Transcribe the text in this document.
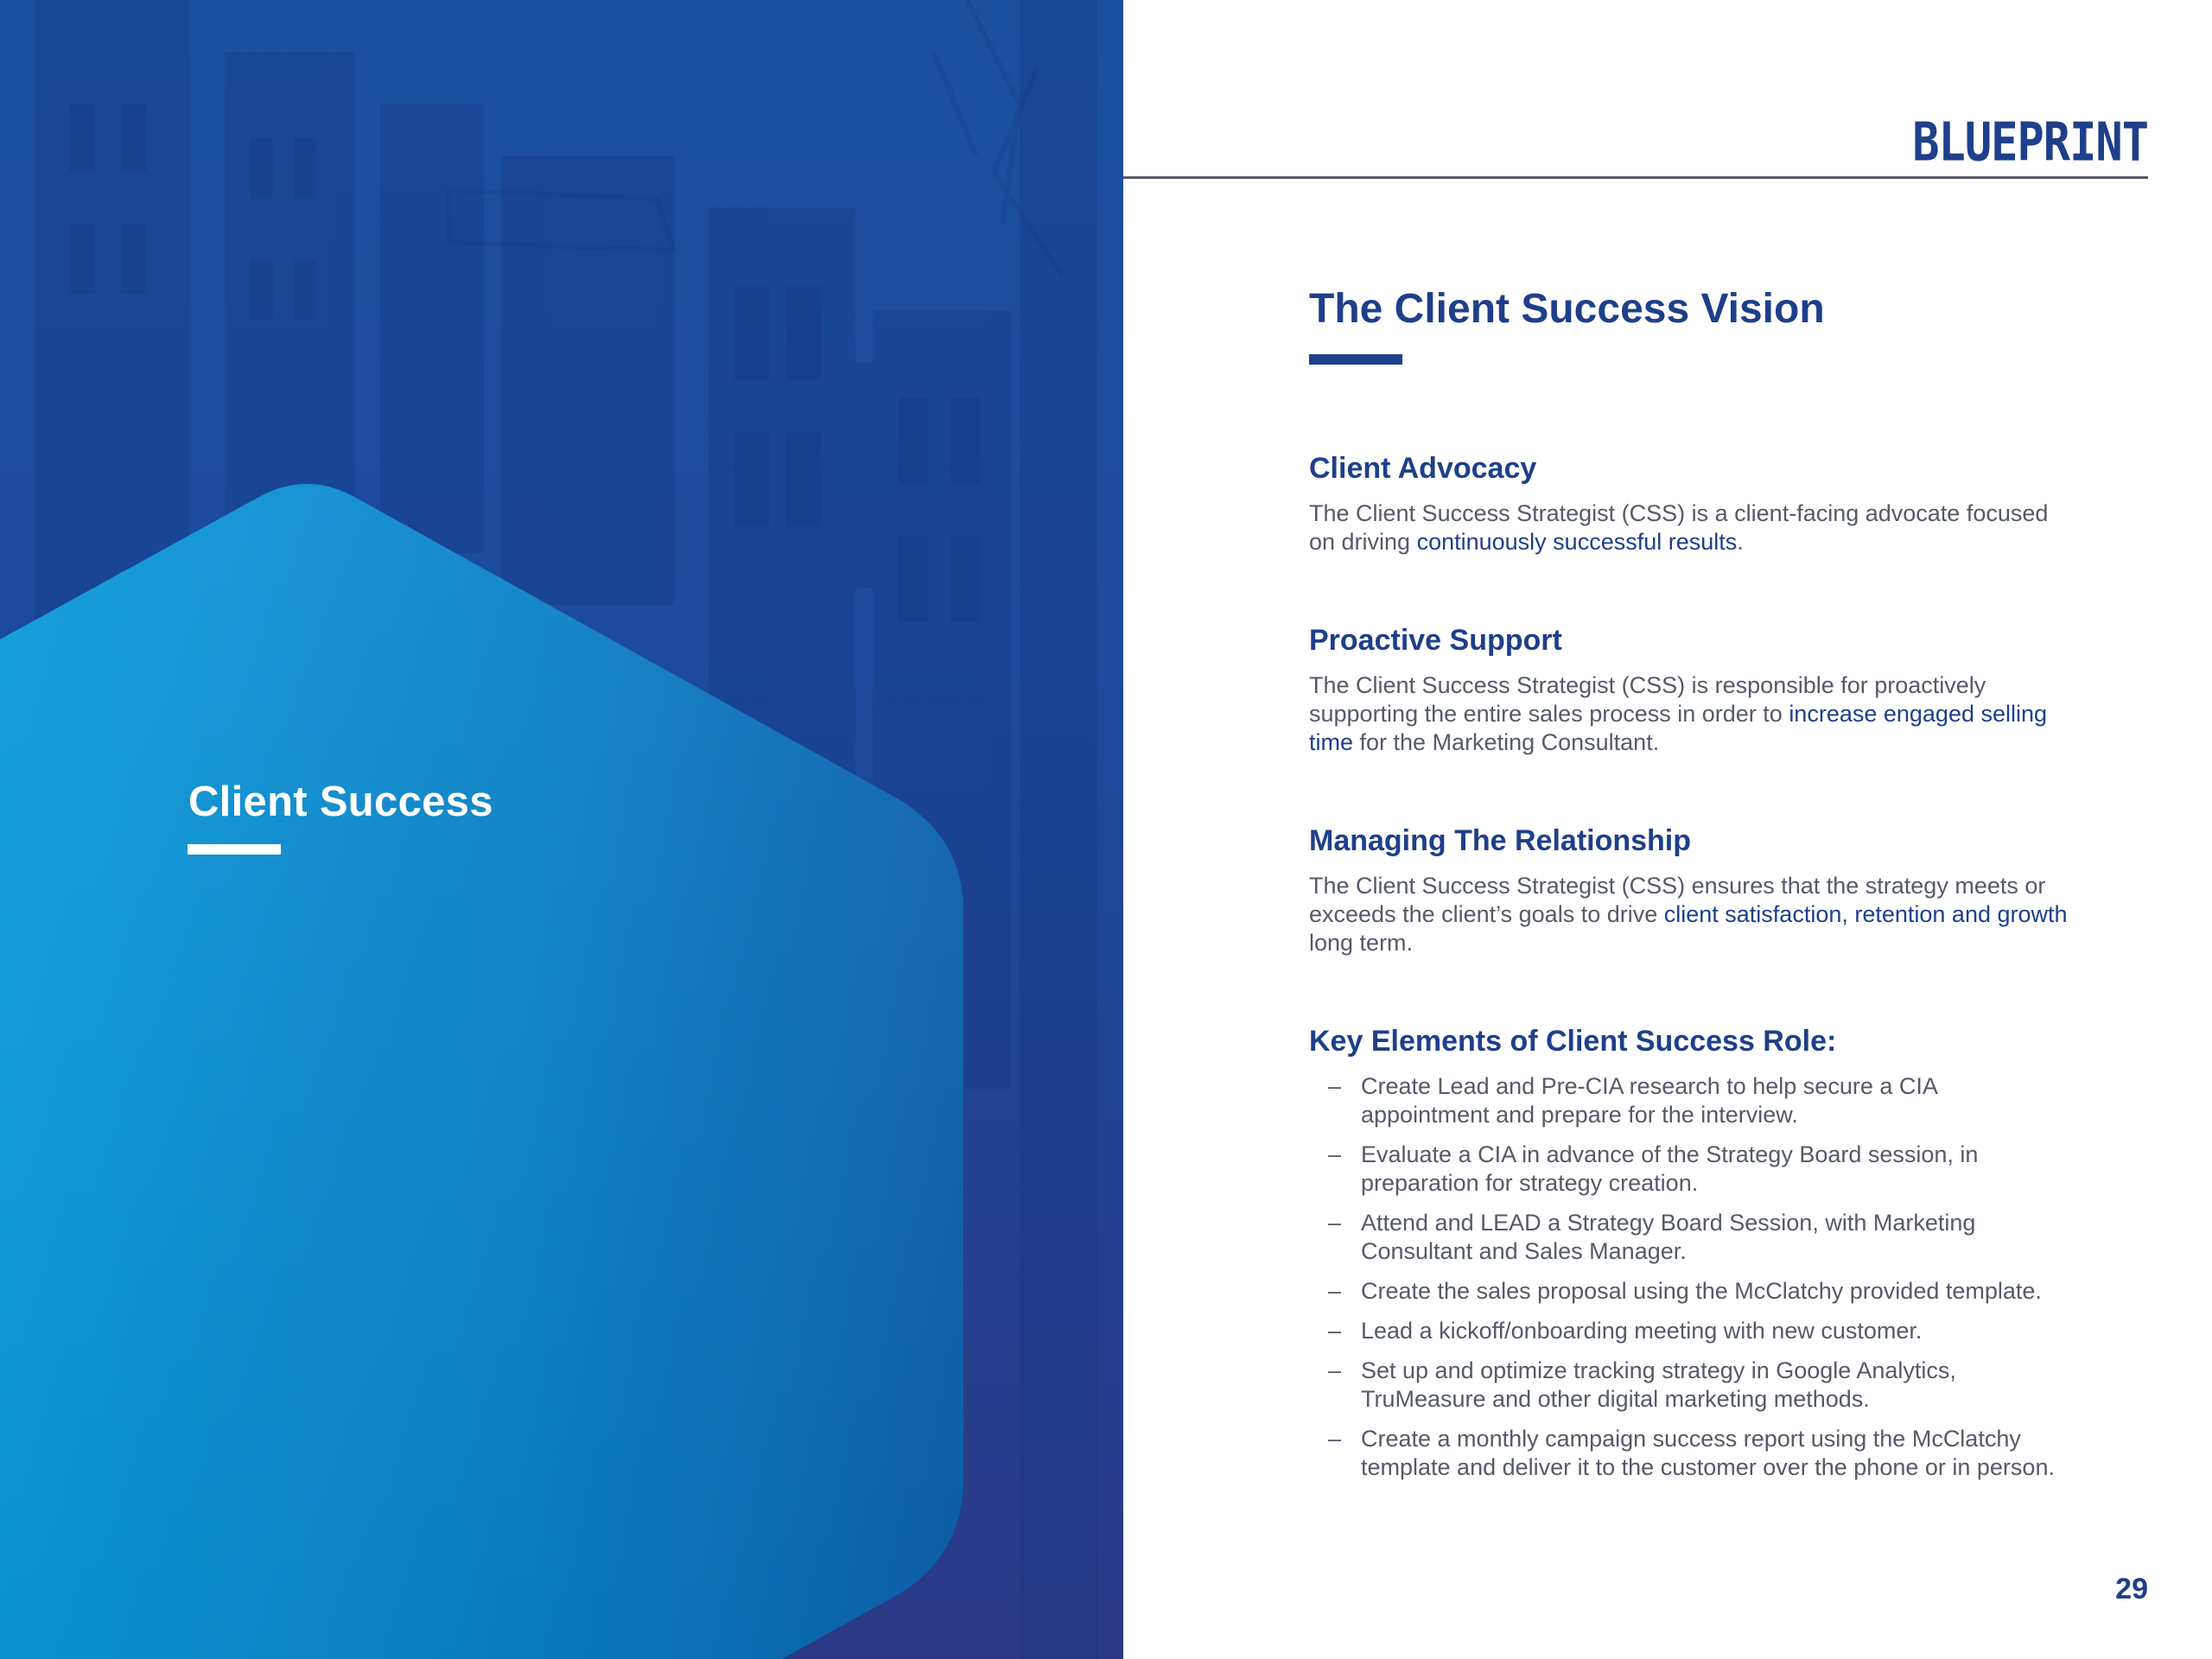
Client Success
BLUEPRINT
The Client Success Vision
Client Advocacy

The Client Success Strategist (CSS) is a client-facing advocate focused on driving continuously successful results.

Proactive Support

The Client Success Strategist (CSS) is responsible for proactively supporting the entire sales process in order to increase engaged selling time for the Marketing Consultant.

Managing The Relationship

The Client Success Strategist (CSS) ensures that the strategy meets or exceeds the client’s goals to drive client satisfaction, retention and growth long term.

Key Elements of Client Success Role:
– Create Lead and Pre-CIA research to help secure a CIA appointment and prepare for the interview.
– Evaluate a CIA in advance of the Strategy Board session, in preparation for strategy creation.
– Attend and LEAD a Strategy Board Session, with Marketing Consultant and Sales Manager.
– Create the sales proposal using the McClatchy provided template.
– Lead a kickoff/onboarding meeting with new customer.
– Set up and optimize tracking strategy in Google Analytics, TruMeasure and other digital marketing methods.
– Create a monthly campaign success report using the McClatchy template and deliver it to the customer over the phone or in person.
29
